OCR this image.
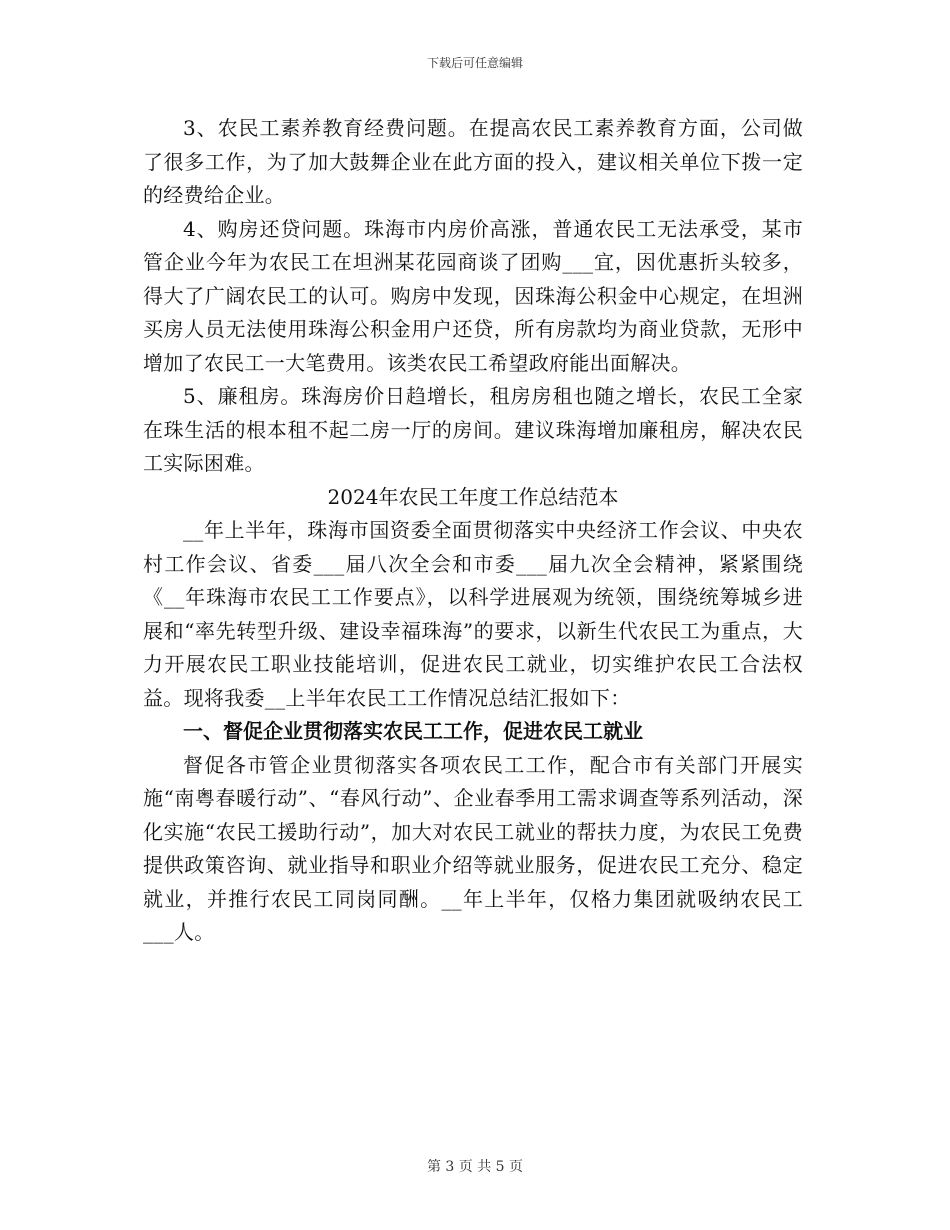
下载后可任意编辑

3、农民工素养教育经费问题。在提高农民工素养教育方面，公司做了很多工作，为了加大鼓舞企业在此方面的投入，建议相关单位下拨一定的经费给企业。

4、购房还贷问题。珠海市内房价高涨，普通农民工无法承受，某市管企业今年为农民工在坦洲某花园商谈了团购___宜，因优惠折头较多，得大了广阔农民工的认可。购房中发现，因珠海公积金中心规定，在坦洲买房人员无法使用珠海公积金用户还贷，所有房款均为商业贷款，无形中增加了农民工一大笔费用。该类农民工希望政府能出面解决。

5、廉租房。珠海房价日趋增长，租房房租也随之增长，农民工全家在珠生活的根本租不起二房一厅的房间。建议珠海增加廉租房，解决农民工实际困难。

2024年农民工年度工作总结范本

__年上半年，珠海市国资委全面贯彻落实中央经济工作会议、中央农村工作会议、省委___届八次全会和市委___届九次全会精神，紧紧围绕《__年珠海市农民工工作要点》，以科学进展观为统领，围绕统筹城乡进展和“率先转型升级、建设幸福珠海”的要求，以新生代农民工为重点，大力开展农民工职业技能培训，促进农民工就业，切实维护农民工合法权益。现将我委__上半年农民工工作情况总结汇报如下：

一、督促企业贯彻落实农民工工作，促进农民工就业

督促各市管企业贯彻落实各项农民工工作，配合市有关部门开展实施“南粤春暖行动”、“春风行动”、企业春季用工需求调查等系列活动，深化实施“农民工援助行动”，加大对农民工就业的帮扶力度，为农民工免费提供政策咨询、就业指导和职业介绍等就业服务，促进农民工充分、稳定就业，并推行农民工同岗同酬。__年上半年，仅格力集团就吸纳农民工___人。

第 3 页 共 5 页
